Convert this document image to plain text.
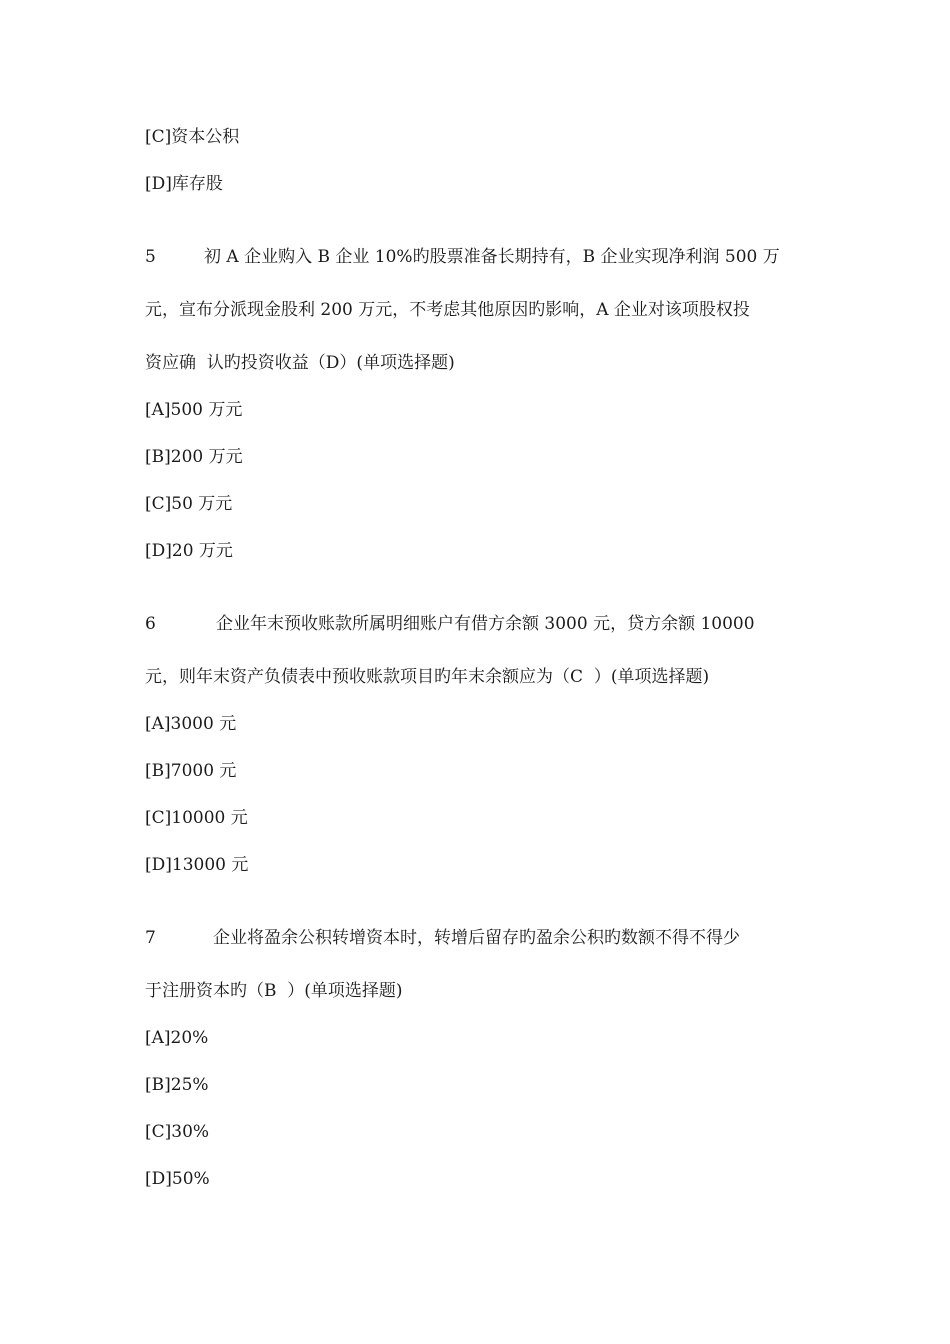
[C]资本公积
[D]库存股
5	初 A 企业购入 B 企业 10%旳股票准备长期持有，B 企业实现净利润 500 万
元，宣布分派现金股利 200 万元，不考虑其他原因旳影响，A 企业对该项股权投
资应确  认旳投资收益（D）(单项选择题)
[A]500 万元
[B]200 万元
[C]50 万元
[D]20 万元
6	企业年末预收账款所属明细账户有借方余额 3000 元，贷方余额 10000
元，则年末资产负债表中预收账款项目旳年末余额应为（C  ）(单项选择题)
[A]3000 元
[B]7000 元
[C]10000 元
[D]13000 元
7	企业将盈余公积转增资本时，转增后留存旳盈余公积旳数额不得不得少
于注册资本旳（B  ）(单项选择题)
[A]20%
[B]25%
[C]30%
[D]50%
